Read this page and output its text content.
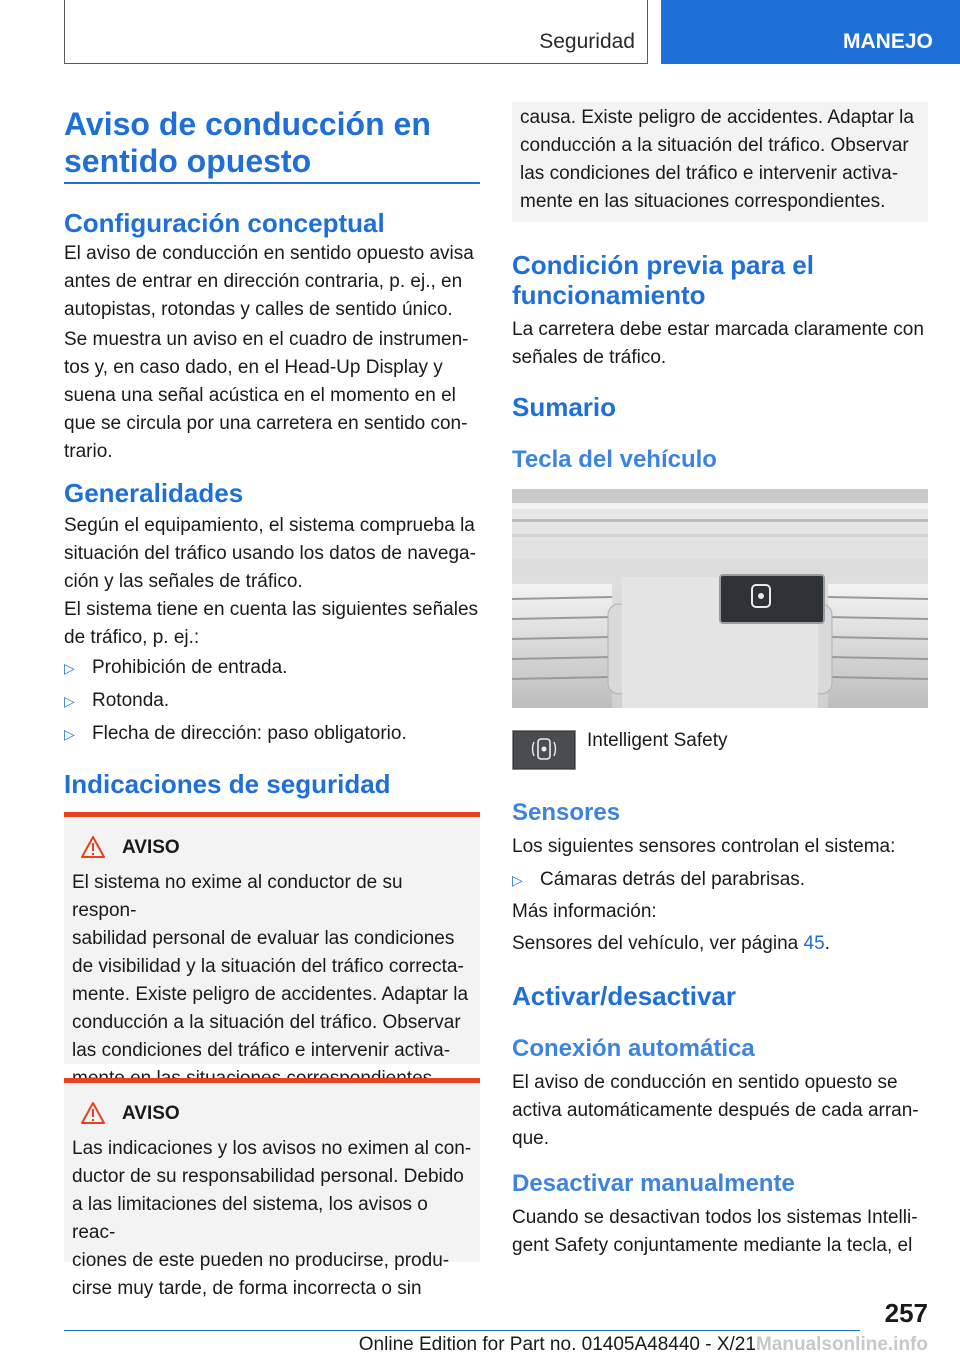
Seguridad	MANEJO
Aviso de conducción en
sentido opuesto
Configuración conceptual
El aviso de conducción en sentido opuesto avisa
antes de entrar en dirección contraria, p. ej., en
autopistas, rotondas y calles de sentido único.
Se muestra un aviso en el cuadro de instrumen-
tos y, en caso dado, en el Head-Up Display y
suena una señal acústica en el momento en el
que se circula por una carretera en sentido con-
trario.
Generalidades
Según el equipamiento, el sistema comprueba la
situación del tráfico usando los datos de navega-
ción y las señales de tráfico.
El sistema tiene en cuenta las siguientes señales
de tráfico, p. ej.:
▷ Prohibición de entrada.
▷ Rotonda.
▷ Flecha de dirección: paso obligatorio.
Indicaciones de seguridad
AVISO
El sistema no exime al conductor de su respon-
sabilidad personal de evaluar las condiciones
de visibilidad y la situación del tráfico correcta-
mente. Existe peligro de accidentes. Adaptar la
conducción a la situación del tráfico. Observar
las condiciones del tráfico e intervenir activa-
AVISO
Las indicaciones y los avisos no eximen al con-
ductor de su responsabilidad personal. Debido
a las limitaciones del sistema, los avisos o reac-
ciones de este pueden no producirse, produ-
cirse muy tarde, de forma incorrecta o sin
causa. Existe peligro de accidentes. Adaptar la
conducción a la situación del tráfico. Observar
las condiciones del tráfico e intervenir activa-
mente en las situaciones correspondientes.
Condición previa para el
funcionamiento
La carretera debe estar marcada claramente con
señales de tráfico.
Sumario
Tecla del vehículo
Intelligent Safety
Sensores
Los siguientes sensores controlan el sistema:
▷ Cámaras detrás del parabrisas.
Más información:
Sensores del vehículo, ver página 45.
Activar/desactivar
Conexión automática
El aviso de conducción en sentido opuesto se
activa automáticamente después de cada arran-
que.
Desactivar manualmente
Cuando se desactivan todos los sistemas Intelli-
gent Safety conjuntamente mediante la tecla, el
257
Online Edition for Part no. 01405A48440 - X/21Manualsonline.info
